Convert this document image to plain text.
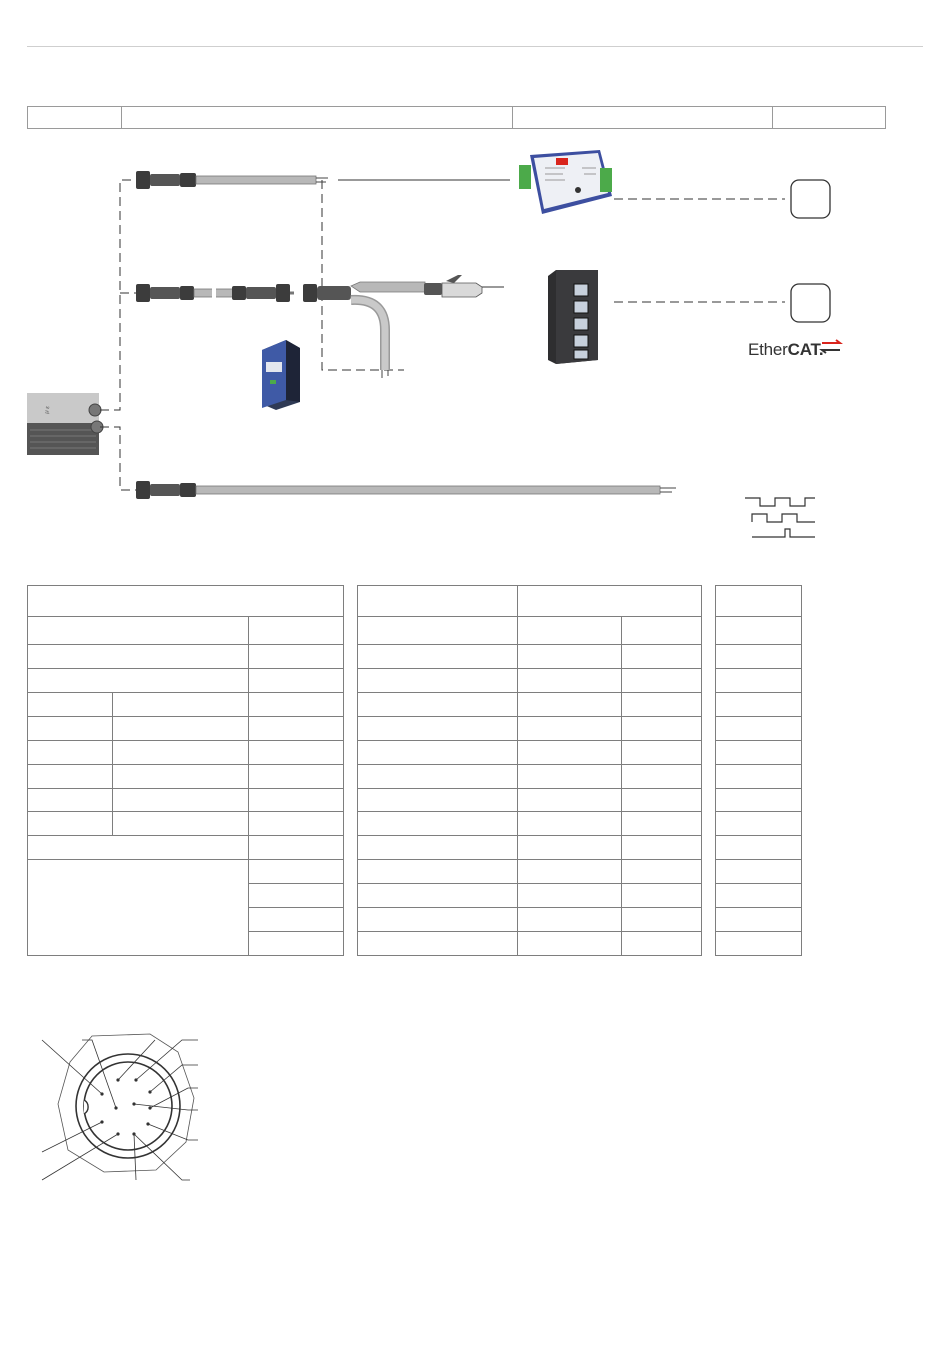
μ ε
EtherCAT.
